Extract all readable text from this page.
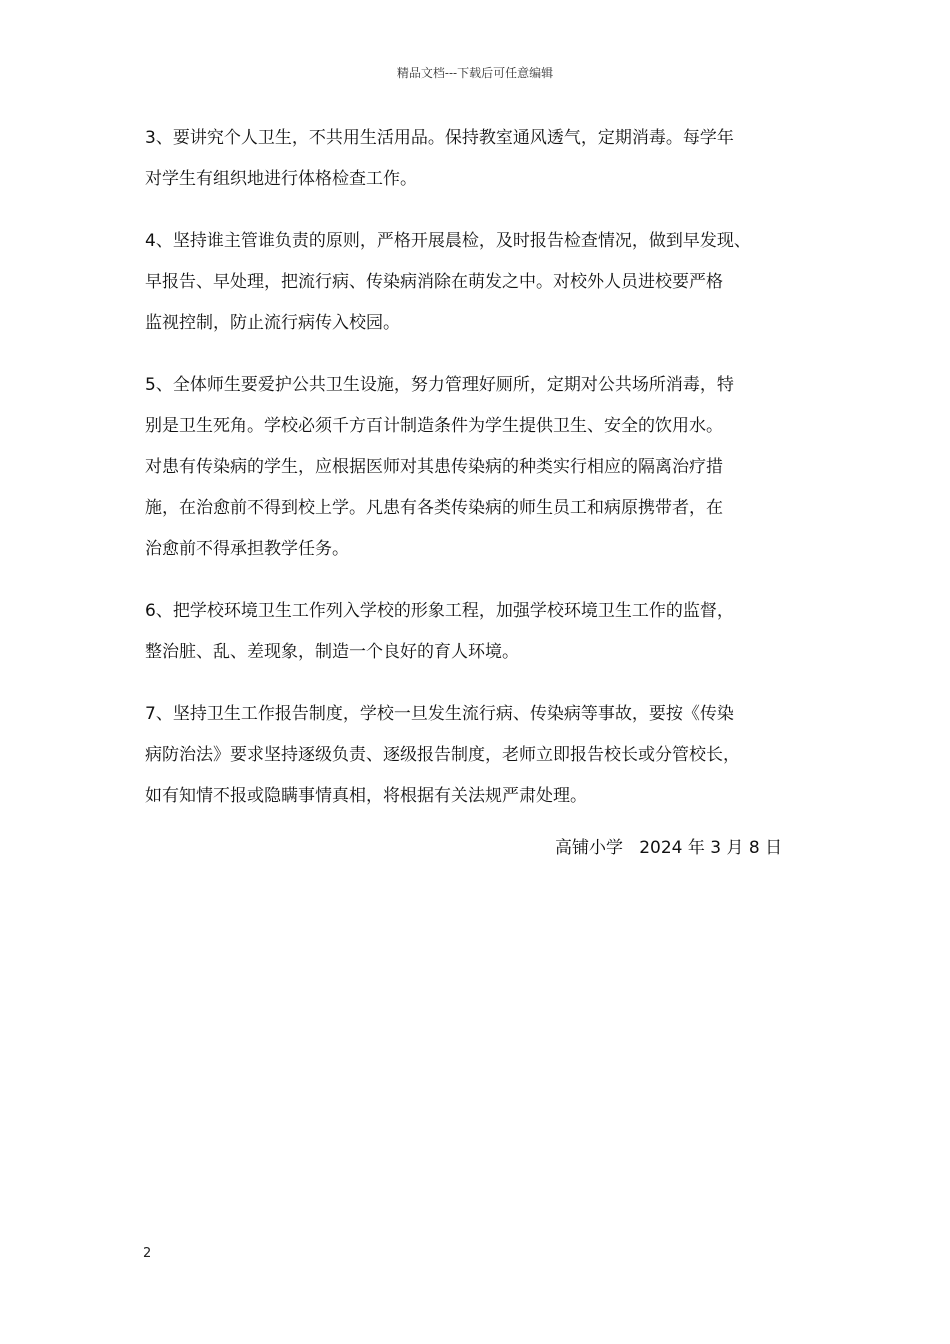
精品文档---下载后可任意编辑

3、要讲究个人卫生，不共用生活用品。保持教室通风透气，定期消毒。每学年
对学生有组织地进行体格检查工作。

4、坚持谁主管谁负责的原则，严格开展晨检，及时报告检查情况，做到早发现、
早报告、早处理，把流行病、传染病消除在萌发之中。对校外人员进校要严格
监视控制，防止流行病传入校园。

5、全体师生要爱护公共卫生设施，努力管理好厕所，定期对公共场所消毒，特
别是卫生死角。学校必须千方百计制造条件为学生提供卫生、安全的饮用水。
对患有传染病的学生，应根据医师对其患传染病的种类实行相应的隔离治疗措
施，在治愈前不得到校上学。凡患有各类传染病的师生员工和病原携带者，在
治愈前不得承担教学任务。

6、把学校环境卫生工作列入学校的形象工程，加强学校环境卫生工作的监督，
整治脏、乱、差现象，制造一个良好的育人环境。

7、坚持卫生工作报告制度，学校一旦发生流行病、传染病等事故，要按《传染
病防治法》要求坚持逐级负责、逐级报告制度，老师立即报告校长或分管校长，
如有知情不报或隐瞒事情真相，将根据有关法规严肃处理。

高铺小学   2024 年 3 月 8 日
2
